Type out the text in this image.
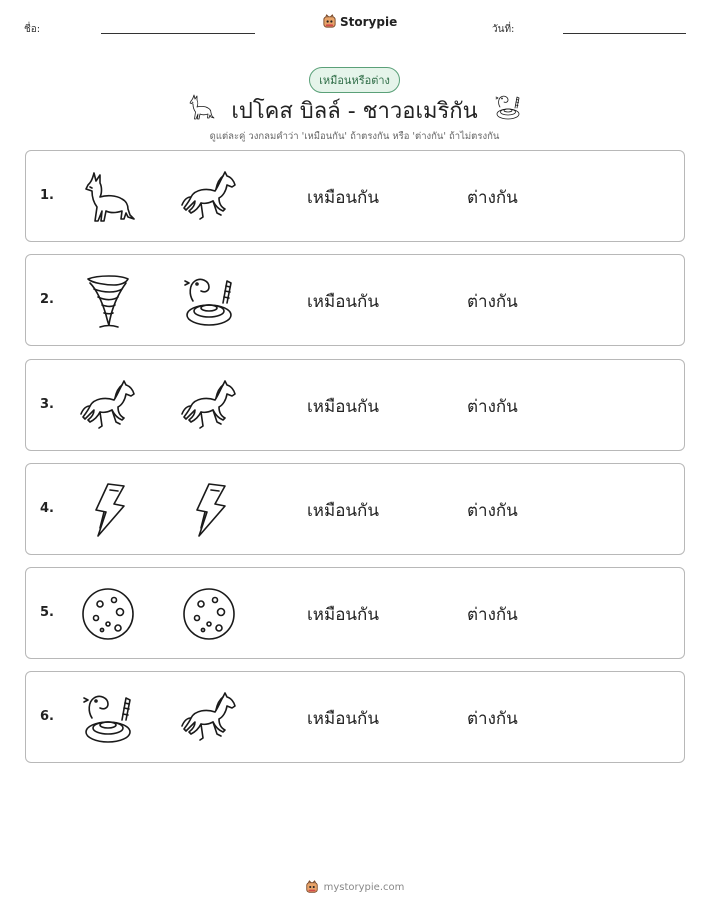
ชื่อ:
Storypie
วันที่:
เหมือนหรือต่าง
เปโคส บิลล์ - ชาวอเมริกัน
ดูแต่ละคู่ วงกลมคำว่า 'เหมือนกัน' ถ้าตรงกัน หรือ 'ต่างกัน' ถ้าไม่ตรงกัน
1.	เหมือนกัน	ต่างกัน
2.	เหมือนกัน	ต่างกัน
3.	เหมือนกัน	ต่างกัน
4.	เหมือนกัน	ต่างกัน
5.	เหมือนกัน	ต่างกัน
6.	เหมือนกัน	ต่างกัน
mystorypie.com
